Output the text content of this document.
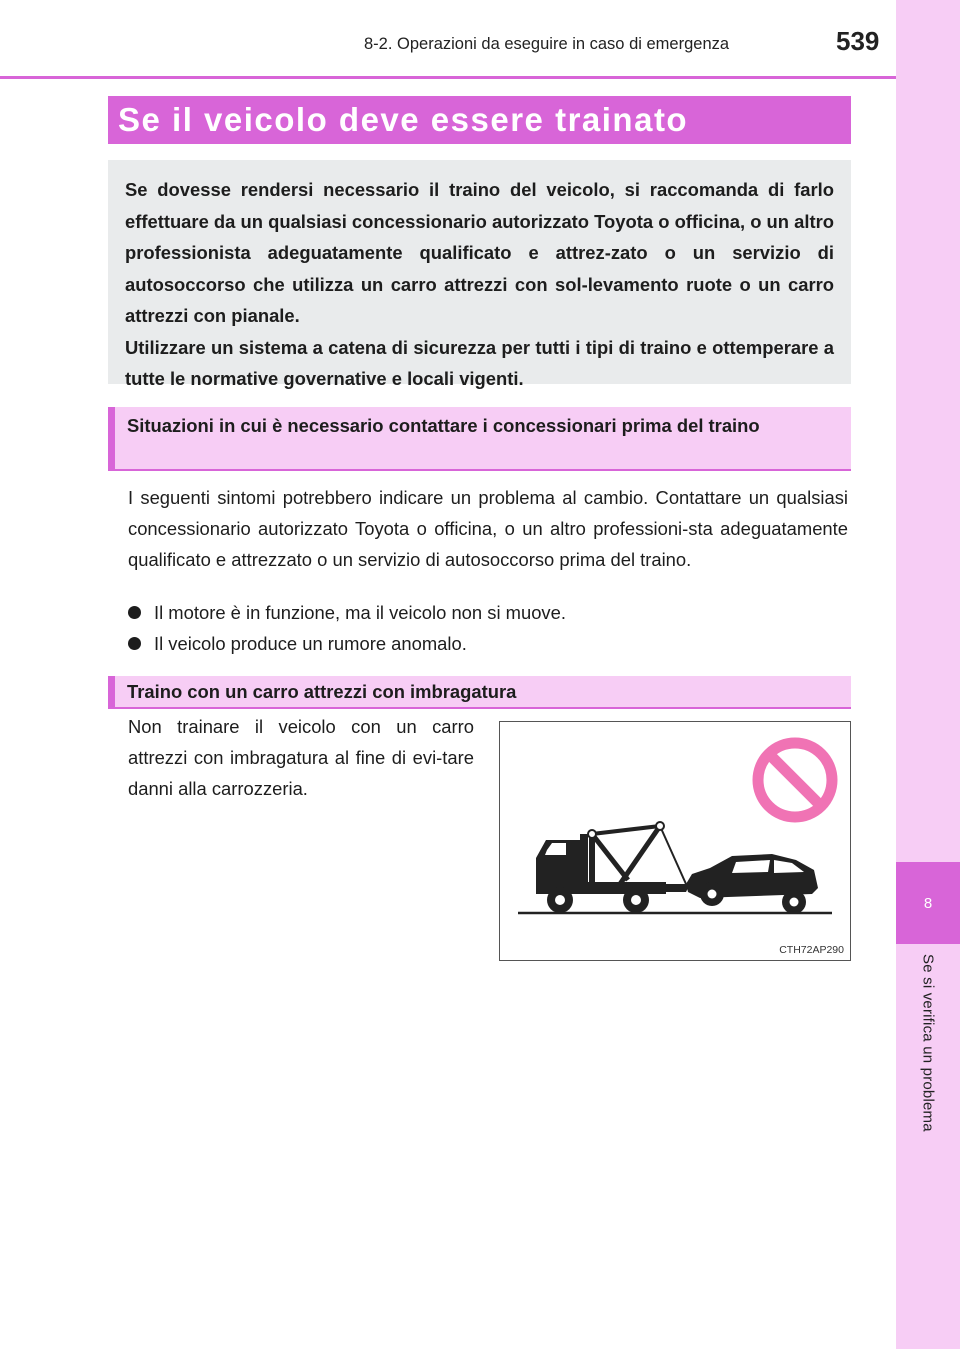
8
Se si verifica un problema
8-2. Operazioni da eseguire in caso di emergenza	539
Se il veicolo deve essere trainato

Se dovesse rendersi necessario il traino del veicolo, si raccomanda di farlo effettuare da un qualsiasi concessionario autorizzato Toyota o officina, o un altro professionista adeguatamente qualificato e attrez-zato o un servizio di autosoccorso che utilizza un carro attrezzi con sol-levamento ruote o un carro attrezzi con pianale.

Utilizzare un sistema a catena di sicurezza per tutti i tipi di traino e ottemperare a tutte le normative governative e locali vigenti.

Situazioni in cui è necessario contattare i concessionari prima del traino

I seguenti sintomi potrebbero indicare un problema al cambio. Contattare un qualsiasi concessionario autorizzato Toyota o officina, o un altro professioni-sta adeguatamente qualificato e attrezzato o un servizio di autosoccorso prima del traino.

Il motore è in funzione, ma il veicolo non si muove.
Il veicolo produce un rumore anomalo.
Traino con un carro attrezzi con imbragatura

Non trainare il veicolo con un carro attrezzi con imbragatura al fine di evi-tare danni alla carrozzeria.

CTH72AP290
